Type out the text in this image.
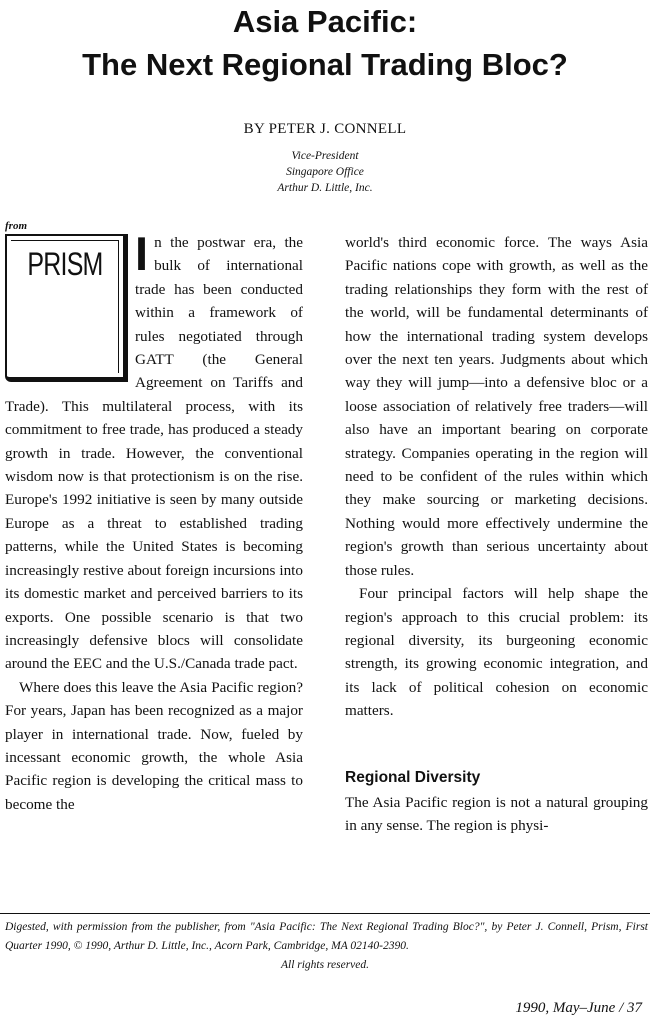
Asia Pacific:
The Next Regional Trading Bloc?
BY PETER J. CONNELL
Vice-President
Singapore Office
Arthur D. Little, Inc.
from
PRISM I n the postwar era, the bulk of international trade has been conducted within a framework of rules negotiated through GATT (the General Agreement on Tariffs and Trade). This multilateral process, with its commitment to free trade, has produced a steady growth in trade. However, the conventional wisdom now is that protectionism is on the rise. Europe's 1992 initiative is seen by many outside Europe as a threat to established trading patterns, while the United States is becoming increasingly restive about foreign incursions into its domestic market and perceived barriers to its exports. One possible scenario is that two increasingly defensive blocs will consolidate around the EEC and the U.S./Canada trade pact.

Where does this leave the Asia Pacific region? For years, Japan has been recognized as a major player in international trade. Now, fueled by incessant economic growth, the whole Asia Pacific region is developing the critical mass to become the

world's third economic force. The ways Asia Pacific nations cope with growth, as well as the trading relationships they form with the rest of the world, will be fundamental determinants of how the international trading system develops over the next ten years. Judgments about which way they will jump—into a defensive bloc or a loose association of relatively free traders—will also have an important bearing on corporate strategy. Companies operating in the region will need to be confident of the rules within which they make sourcing or marketing decisions. Nothing would more effectively undermine the region's growth than serious uncertainty about those rules.

Four principal factors will help shape the region's approach to this crucial problem: its regional diversity, its burgeoning economic strength, its growing economic integration, and its lack of political cohesion on economic matters.

Regional Diversity

The Asia Pacific region is not a natural grouping in any sense. The region is physi-

Digested, with permission from the publisher, from "Asia Pacific: The Next Regional Trading Bloc?", by Peter J. Connell, Prism, First Quarter 1990, © 1990, Arthur D. Little, Inc., Acorn Park, Cambridge, MA 02140-2390.
All rights reserved.
1990, May–June / 37
